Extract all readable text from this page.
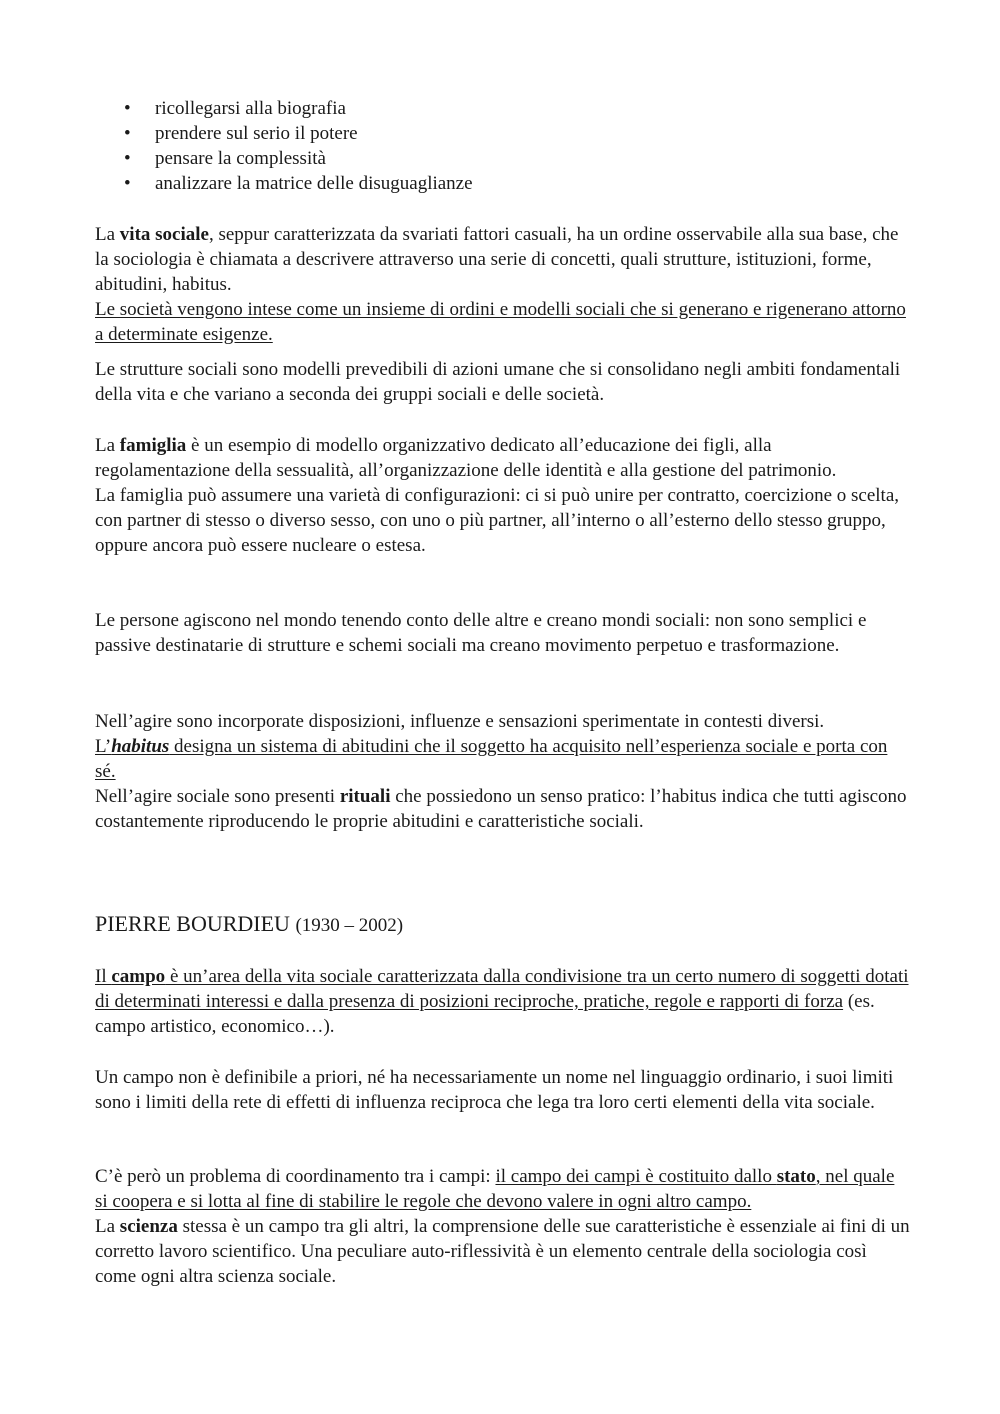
• ricollegarsi alla biografia
• prendere sul serio il potere
• pensare la complessità
• analizzare la matrice delle disuguaglianze

La vita sociale, seppur caratterizzata da svariati fattori casuali, ha un ordine osservabile alla sua base, che la sociologia è chiamata a descrivere attraverso una serie di concetti, quali strutture, istituzioni, forme, abitudini, habitus.
Le società vengono intese come un insieme di ordini e modelli sociali che si generano e rigenerano attorno a determinate esigenze.

Le strutture sociali sono modelli prevedibili di azioni umane che si consolidano negli ambiti fondamentali della vita e che variano a seconda dei gruppi sociali e delle società.

La famiglia è un esempio di modello organizzativo dedicato all’educazione dei figli, alla regolamentazione della sessualità, all’organizzazione delle identità e alla gestione del patrimonio.
La famiglia può assumere una varietà di configurazioni: ci si può unire per contratto, coercizione o scelta, con partner di stesso o diverso sesso, con uno o più partner, all’interno o all’esterno dello stesso gruppo, oppure ancora può essere nucleare o estesa.

Le persone agiscono nel mondo tenendo conto delle altre e creano mondi sociali: non sono semplici e passive destinatarie di strutture e schemi sociali ma creano movimento perpetuo e trasformazione.

Nell’agire sono incorporate disposizioni, influenze e sensazioni sperimentate in contesti diversi.
L’habitus designa un sistema di abitudini che il soggetto ha acquisito nell’esperienza sociale e porta con sé.
Nell’agire sociale sono presenti rituali che possiedono un senso pratico: l’habitus indica che tutti agiscono costantemente riproducendo le proprie abitudini e caratteristiche sociali.

PIERRE BOURDIEU (1930 – 2002)

Il campo è un’area della vita sociale caratterizzata dalla condivisione tra un certo numero di soggetti dotati di determinati interessi e dalla presenza di posizioni reciproche, pratiche, regole e rapporti di forza (es. campo artistico, economico…).

Un campo non è definibile a priori, né ha necessariamente un nome nel linguaggio ordinario, i suoi limiti sono i limiti della rete di effetti di influenza reciproca che lega tra loro certi elementi della vita sociale.

C’è però un problema di coordinamento tra i campi: il campo dei campi è costituito dallo stato, nel quale si coopera e si lotta al fine di stabilire le regole che devono valere in ogni altro campo.
La scienza stessa è un campo tra gli altri, la comprensione delle sue caratteristiche è essenziale ai fini di un corretto lavoro scientifico. Una peculiare auto-riflessività è un elemento centrale della sociologia così come ogni altra scienza sociale.
